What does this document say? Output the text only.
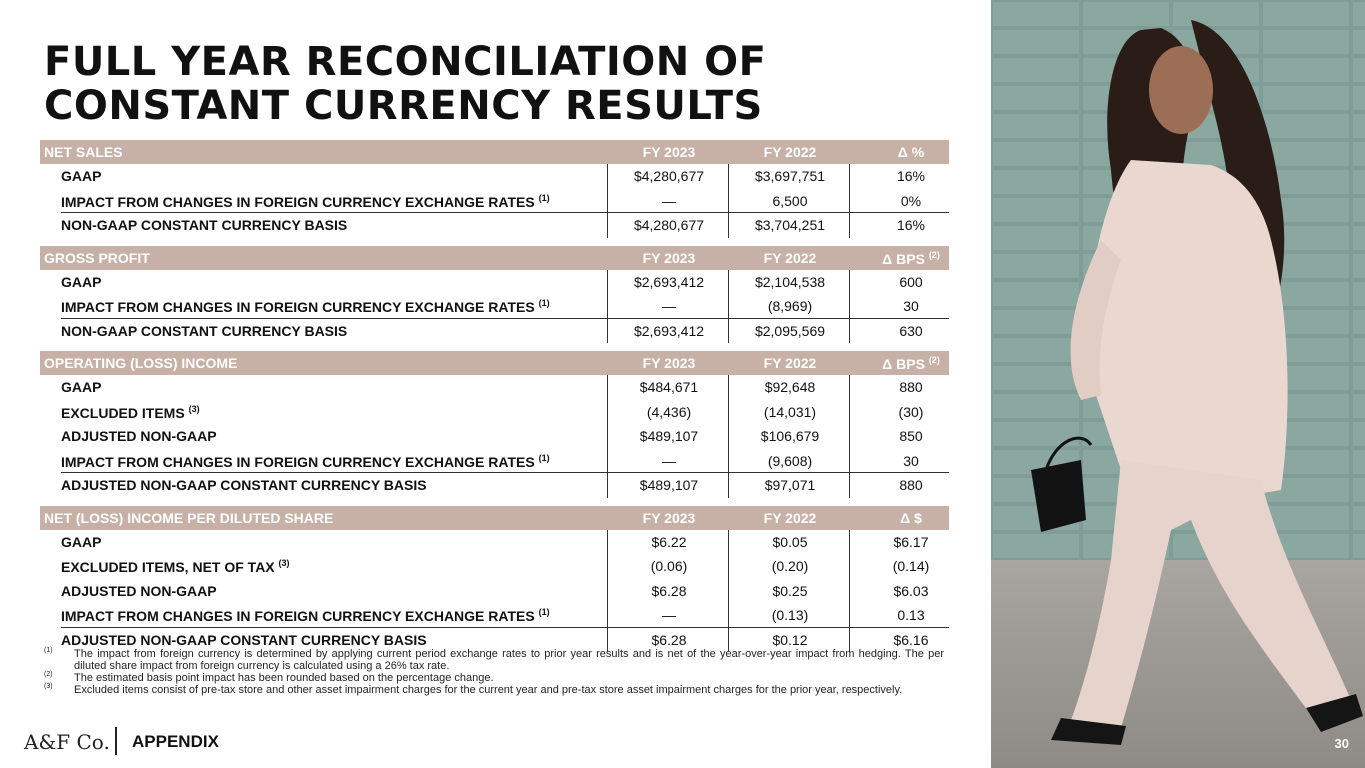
FULL YEAR RECONCILIATION OF
CONSTANT CURRENCY RESULTS
NET SALES	FY 2023	FY 2022	Δ %
GAAP	$4,280,677	$3,697,751	16%
IMPACT FROM CHANGES IN FOREIGN CURRENCY EXCHANGE RATES $^{(1)}$	—	6,500	0%
NON-GAAP CONSTANT CURRENCY BASIS	$4,280,677	$3,704,251	16%
GROSS PROFIT	FY 2023	FY 2022	Δ BPS $^{(2)}$
GAAP	$2,693,412	$2,104,538	600
IMPACT FROM CHANGES IN FOREIGN CURRENCY EXCHANGE RATES $^{(1)}$	—	(8,969)	30
NON-GAAP CONSTANT CURRENCY BASIS	$2,693,412	$2,095,569	630
OPERATING (LOSS) INCOME	FY 2023	FY 2022	Δ BPS $^{(2)}$
GAAP	$484,671	$92,648	880
EXCLUDED ITEMS $^{(3)}$	(4,436)	(14,031)	(30)
ADJUSTED NON-GAAP	$489,107	$106,679	850
IMPACT FROM CHANGES IN FOREIGN CURRENCY EXCHANGE RATES $^{(1)}$	—	(9,608)	30
ADJUSTED NON-GAAP CONSTANT CURRENCY BASIS	$489,107	$97,071	880
NET (LOSS) INCOME PER DILUTED SHARE	FY 2023	FY 2022	Δ $
GAAP	$6.22	$0.05	$6.17
EXCLUDED ITEMS, NET OF TAX $^{(3)}$	(0.06)	(0.20)	(0.14)
ADJUSTED NON-GAAP	$6.28	$0.25	$6.03
IMPACT FROM CHANGES IN FOREIGN CURRENCY EXCHANGE RATES $^{(1)}$	—	(0.13)	0.13
ADJUSTED NON-GAAP CONSTANT CURRENCY BASIS	$6.28	$0.12	$6.16
(1) The impact from foreign currency is determined by applying current period exchange rates to prior year results and is net of the year-over-year impact from hedging. The per diluted share impact from foreign currency is calculated using a 26% tax rate.
(2) The estimated basis point impact has been rounded based on the percentage change.
(3) Excluded items consist of pre-tax store and other asset impairment charges for the current year and pre-tax store asset impairment charges for the prior year, respectively.
A&F Co. APPENDIX	30
